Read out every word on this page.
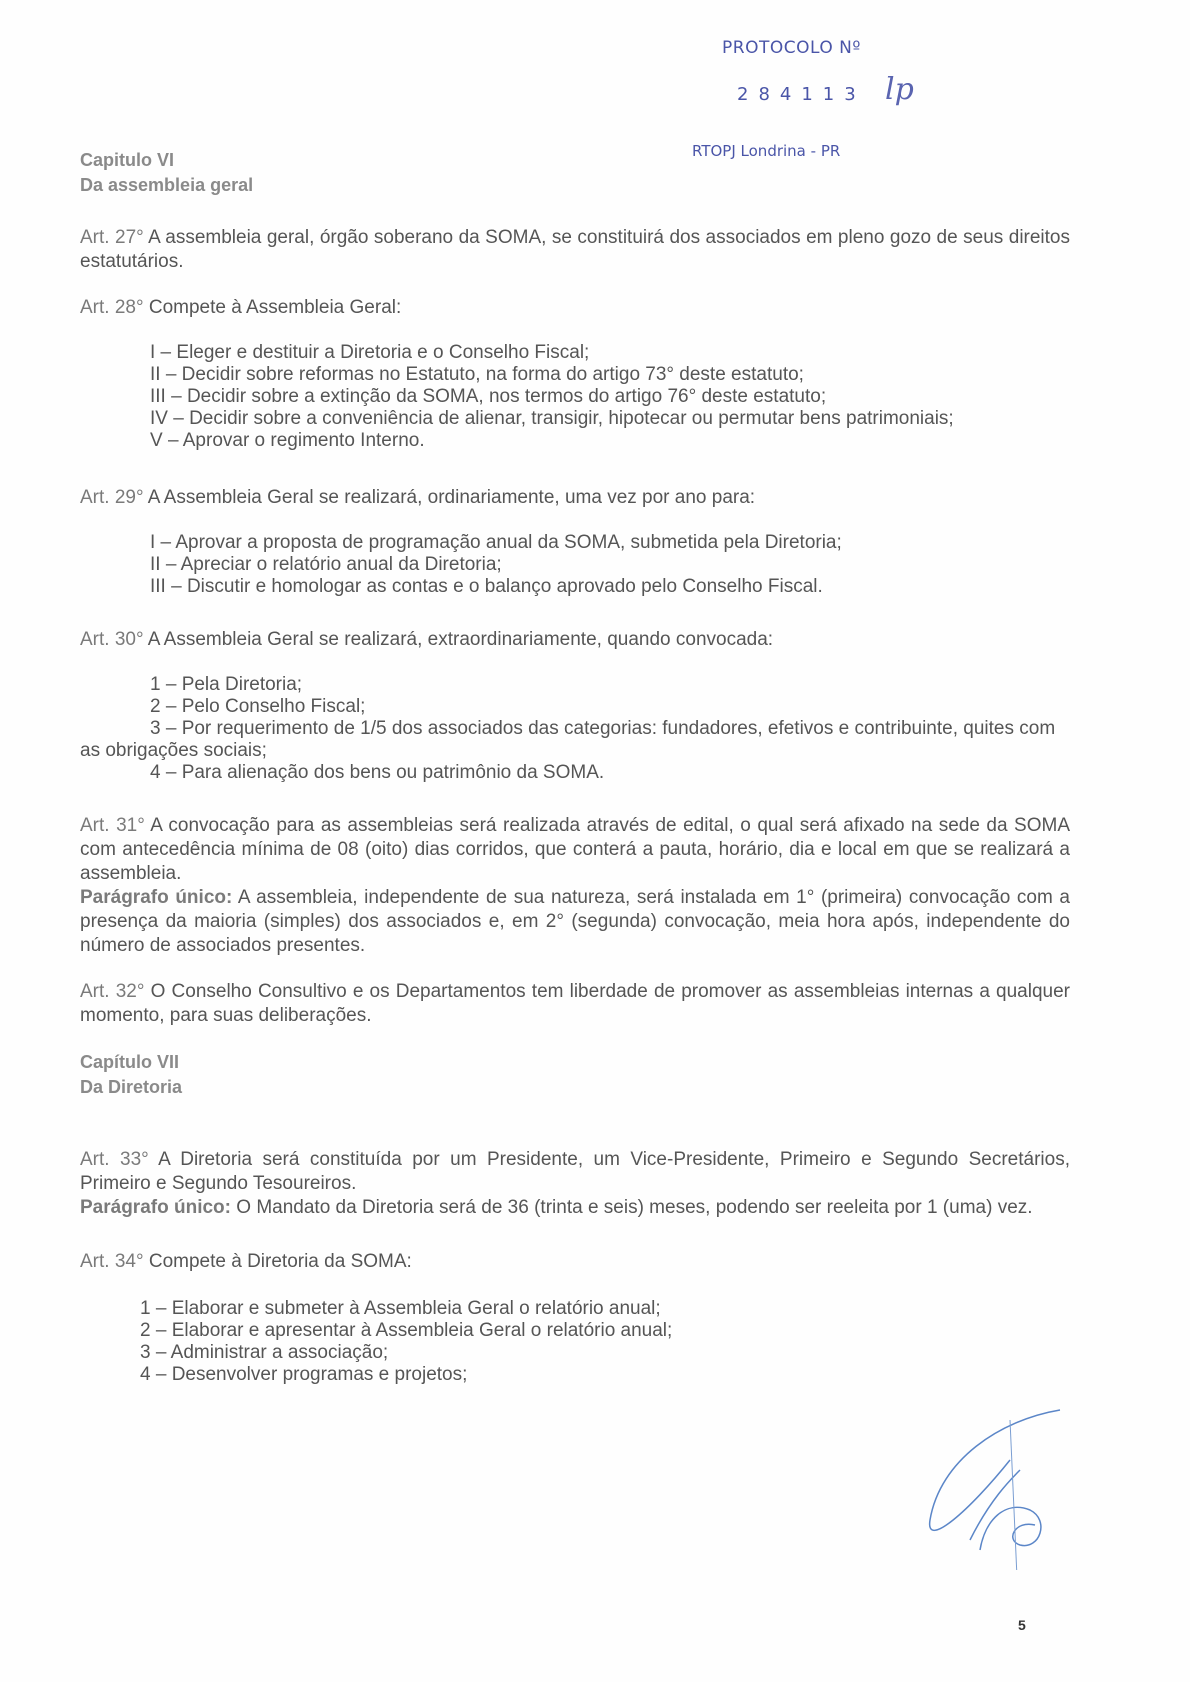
PROTOCOLO Nº
284113 lp
RTOPJ Londrina - PR
Capitulo VI
Da assembleia geral

Art. 27° A assembleia geral, órgão soberano da SOMA, se constituirá dos associados em pleno gozo de seus direitos estatutários.

Art. 28° Compete à Assembleia Geral:

I – Eleger e destituir a Diretoria e o Conselho Fiscal;
II – Decidir sobre reformas no Estatuto, na forma do artigo 73° deste estatuto;
III – Decidir sobre a extinção da SOMA, nos termos do artigo 76° deste estatuto;
IV – Decidir sobre a conveniência de alienar, transigir, hipotecar ou permutar bens patrimoniais;
V – Aprovar o regimento Interno.

Art. 29° A Assembleia Geral se realizará, ordinariamente, uma vez por ano para:

I – Aprovar a proposta de programação anual da SOMA, submetida pela Diretoria;
II – Apreciar o relatório anual da Diretoria;
III – Discutir e homologar as contas e o balanço aprovado pelo Conselho Fiscal.

Art. 30° A Assembleia Geral se realizará, extraordinariamente, quando convocada:

1 – Pela Diretoria;
2 – Pelo Conselho Fiscal;
3 – Por requerimento de 1/5 dos associados das categorias: fundadores, efetivos e contribuinte, quites com as obrigações sociais;
4 – Para alienação dos bens ou patrimônio da SOMA.

Art. 31° A convocação para as assembleias será realizada através de edital, o qual será afixado na sede da SOMA com antecedência mínima de 08 (oito) dias corridos, que conterá a pauta, horário, dia e local em que se realizará a assembleia.
Parágrafo único: A assembleia, independente de sua natureza, será instalada em 1° (primeira) convocação com a presença da maioria (simples) dos associados e, em 2° (segunda) convocação, meia hora após, independente do número de associados presentes.

Art. 32° O Conselho Consultivo e os Departamentos tem liberdade de promover as assembleias internas a qualquer momento, para suas deliberações.

Capítulo VII
Da Diretoria

Art. 33° A Diretoria será constituída por um Presidente, um Vice-Presidente, Primeiro e Segundo Secretários, Primeiro e Segundo Tesoureiros.
Parágrafo único: O Mandato da Diretoria será de 36 (trinta e seis) meses, podendo ser reeleita por 1 (uma) vez.

Art. 34° Compete à Diretoria da SOMA:

1 – Elaborar e submeter à Assembleia Geral o relatório anual;
2 – Elaborar e apresentar à Assembleia Geral o relatório anual;
3 – Administrar a associação;
4 – Desenvolver programas e projetos;
5
